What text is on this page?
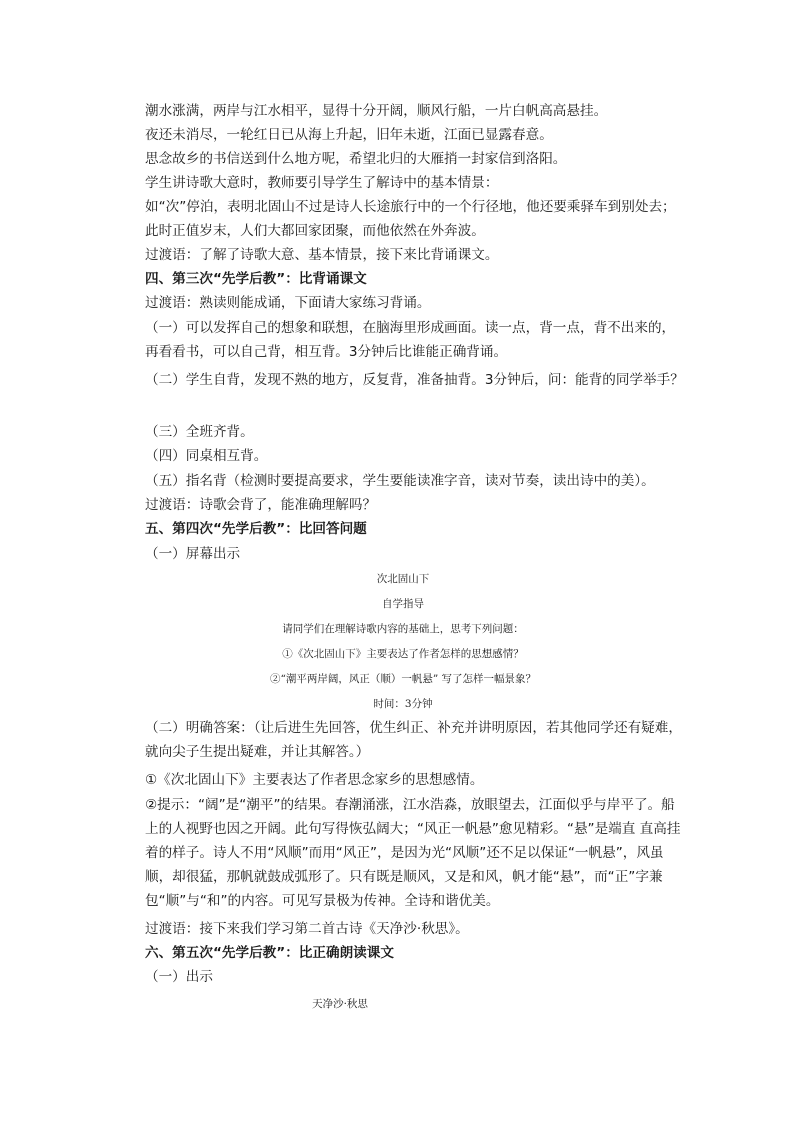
潮水涨满，两岸与江水相平，显得十分开阔，顺风行船，一片白帆高高悬挂。
夜还未消尽，一轮红日已从海上升起，旧年未逝，江面已显露春意。
思念故乡的书信送到什么地方呢，希望北归的大雁捎一封家信到洛阳。
学生讲诗歌大意时，教师要引导学生了解诗中的基本情景：
如“次”停泊，表明北固山不过是诗人长途旅行中的一个行径地，他还要乘驿车到别处去；此时正值岁末，人们大都回家团聚，而他依然在外奔波。
过渡语：了解了诗歌大意、基本情景，接下来比背诵课文。
四、第三次“先学后教”：比背诵课文
过渡语：熟读则能成诵，下面请大家练习背诵。
（一）可以发挥自己的想象和联想，在脑海里形成画面。读一点，背一点，背不出来的，再看看书，可以自己背，相互背。3分钟后比谁能正确背诵。
（二）学生自背，发现不熟的地方，反复背，准备抽背。3分钟后，问：能背的同学举手？
（三）全班齐背。
（四）同桌相互背。
（五）指名背（检测时要提高要求，学生要能读准字音，读对节奏，读出诗中的美）。
过渡语：诗歌会背了，能准确理解吗？
五、第四次“先学后教”：比回答问题
（一）屏幕出示
次北固山下
自学指导
请同学们在理解诗歌内容的基础上，思考下列问题：
①《次北固山下》主要表达了作者怎样的思想感情？
②“潮平两岸阔，风正（顺）一帆悬” 写了怎样一幅景象？
时间：3分钟
（二）明确答案：（让后进生先回答，优生纠正、补充并讲明原因，若其他同学还有疑难，就向尖子生提出疑难，并让其解答。）
①《次北固山下》主要表达了作者思念家乡的思想感情。
②提示：“阔”是“潮平”的结果。春潮涌涨，江水浩淼，放眼望去，江面似乎与岸平了。船上的人视野也因之开阔。此句写得恢弘阔大；“风正一帆悬”愈见精彩。“悬”是端直 直高挂着的样子。诗人不用“风顺”而用“风正”，是因为光“风顺”还不足以保证“一帆悬”，风虽顺，却很猛，那帆就鼓成弧形了。只有既是顺风，又是和风，帆才能“悬”，而“正”字兼包“顺”与“和”的内容。可见写景极为传神。全诗和谐优美。
过渡语：接下来我们学习第二首古诗《天净沙·秋思》。
六、第五次“先学后教”：比正确朗读课文
（一）出示
天净沙·秋思
